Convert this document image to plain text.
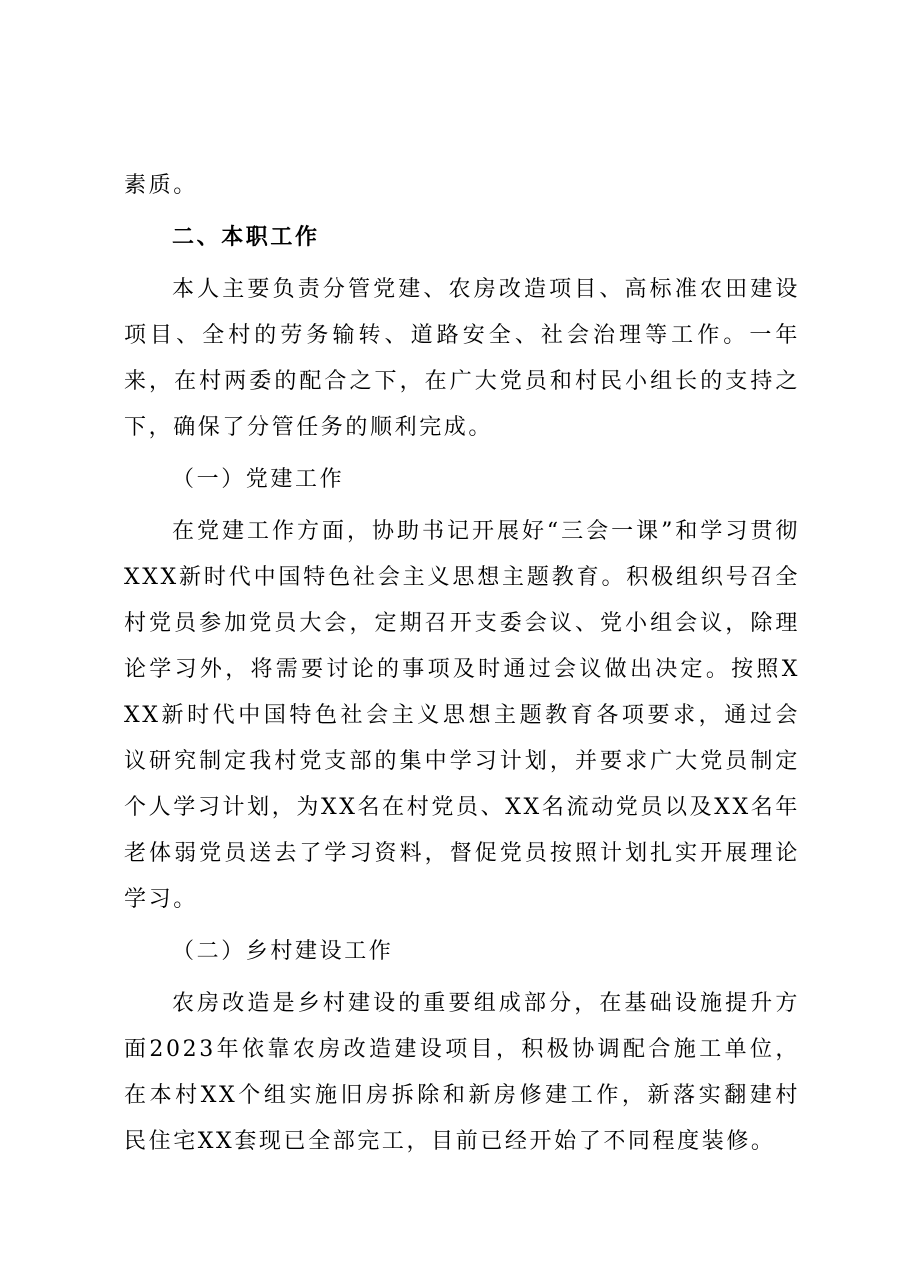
素质。

二、本职工作

本人主要负责分管党建、农房改造项目、高标准农田建设项目、全村的劳务输转、道路安全、社会治理等工作。一年来，在村两委的配合之下，在广大党员和村民小组长的支持之下，确保了分管任务的顺利完成。

（一）党建工作

在党建工作方面，协助书记开展好“三会一课”和学习贯彻XXX新时代中国特色社会主义思想主题教育。积极组织号召全村党员参加党员大会，定期召开支委会议、党小组会议，除理论学习外，将需要讨论的事项及时通过会议做出决定。按照XXX新时代中国特色社会主义思想主题教育各项要求，通过会议研究制定我村党支部的集中学习计划，并要求广大党员制定个人学习计划，为XX名在村党员、XX名流动党员以及XX名年老体弱党员送去了学习资料，督促党员按照计划扎实开展理论学习。

（二）乡村建设工作

农房改造是乡村建设的重要组成部分，在基础设施提升方面2023年依靠农房改造建设项目，积极协调配合施工单位，在本村XX个组实施旧房拆除和新房修建工作，新落实翻建村民住宅XX套现已全部完工，目前已经开始了不同程度装修。
